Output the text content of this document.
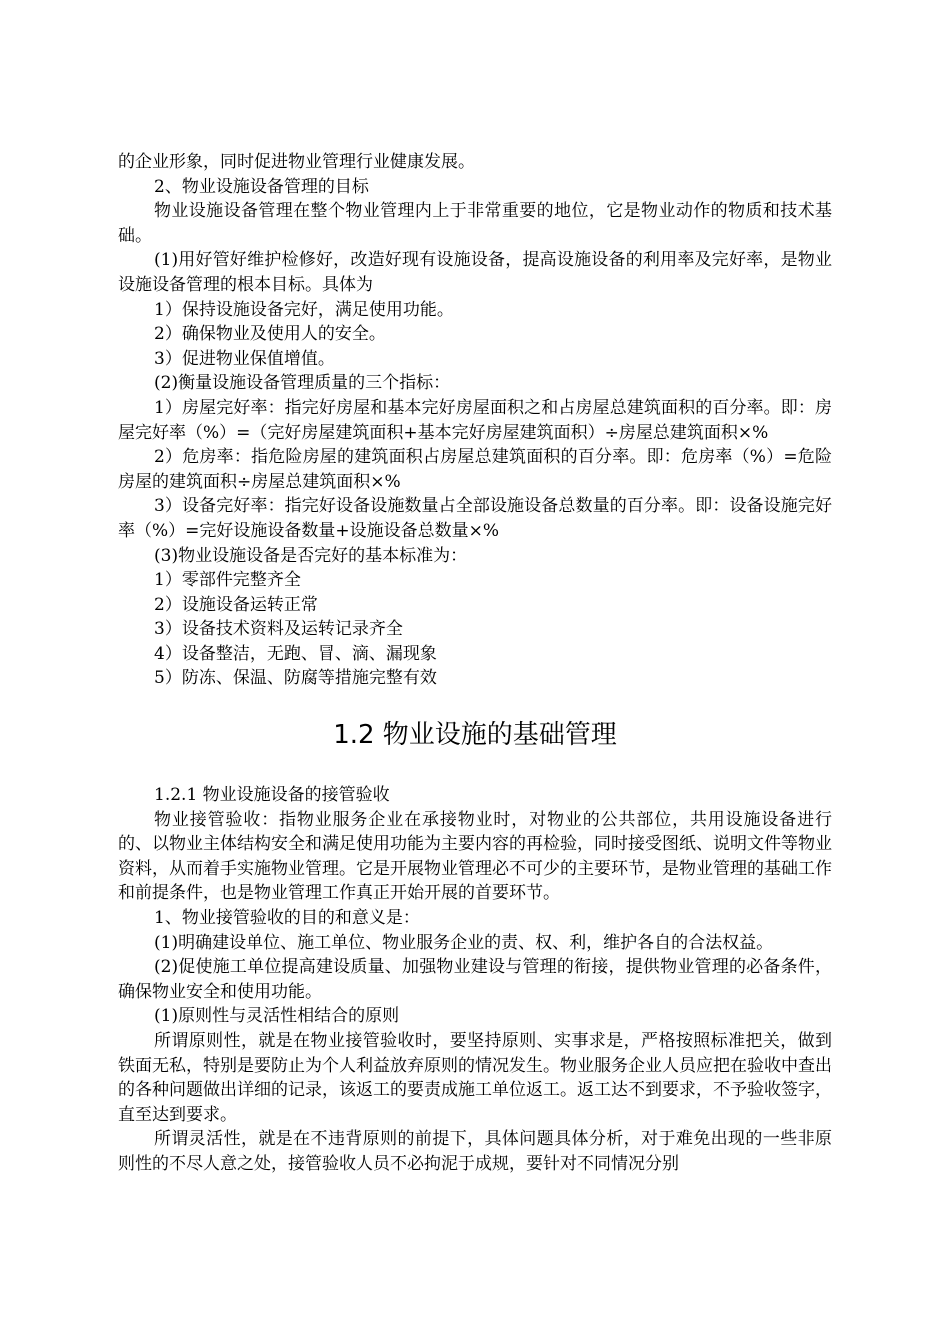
的企业形象，同时促进物业管理行业健康发展。

2、物业设施设备管理的目标

物业设施设备管理在整个物业管理内上于非常重要的地位，它是物业动作的物质和技术基础。

(1)用好管好维护检修好，改造好现有设施设备，提高设施设备的利用率及完好率，是物业设施设备管理的根本目标。具体为

1）保持设施设备完好，满足使用功能。

2）确保物业及使用人的安全。

3）促进物业保值增值。

(2)衡量设施设备管理质量的三个指标：

1）房屋完好率：指完好房屋和基本完好房屋面积之和占房屋总建筑面积的百分率。即：房屋完好率（%）=（完好房屋建筑面积+基本完好房屋建筑面积）÷房屋总建筑面积×%

2）危房率：指危险房屋的建筑面积占房屋总建筑面积的百分率。即：危房率（%）=危险房屋的建筑面积÷房屋总建筑面积×%

3）设备完好率：指完好设备设施数量占全部设施设备总数量的百分率。即：设备设施完好率（%）=完好设施设备数量+设施设备总数量×%

(3)物业设施设备是否完好的基本标准为：

1）零部件完整齐全

2）设施设备运转正常

3）设备技术资料及运转记录齐全

4）设备整洁，无跑、冒、滴、漏现象

5）防冻、保温、防腐等措施完整有效

1.2 物业设施的基础管理

1.2.1 物业设施设备的接管验收

物业接管验收：指物业服务企业在承接物业时，对物业的公共部位，共用设施设备进行的、以物业主体结构安全和满足使用功能为主要内容的再检验，同时接受图纸、说明文件等物业资料，从而着手实施物业管理。它是开展物业管理必不可少的主要环节，是物业管理的基础工作和前提条件，也是物业管理工作真正开始开展的首要环节。

1、物业接管验收的目的和意义是：

(1)明确建设单位、施工单位、物业服务企业的责、权、利，维护各自的合法权益。

(2)促使施工单位提高建设质量、加强物业建设与管理的衔接，提供物业管理的必备条件，确保物业安全和使用功能。

(1)原则性与灵活性相结合的原则

所谓原则性，就是在物业接管验收时，要坚持原则、实事求是，严格按照标准把关，做到铁面无私，特别是要防止为个人利益放弃原则的情况发生。物业服务企业人员应把在验收中查出的各种问题做出详细的记录，该返工的要责成施工单位返工。返工达不到要求，不予验收签字，直至达到要求。

所谓灵活性，就是在不违背原则的前提下，具体问题具体分析，对于难免出现的一些非原则性的不尽人意之处，接管验收人员不必拘泥于成规，要针对不同情况分别
